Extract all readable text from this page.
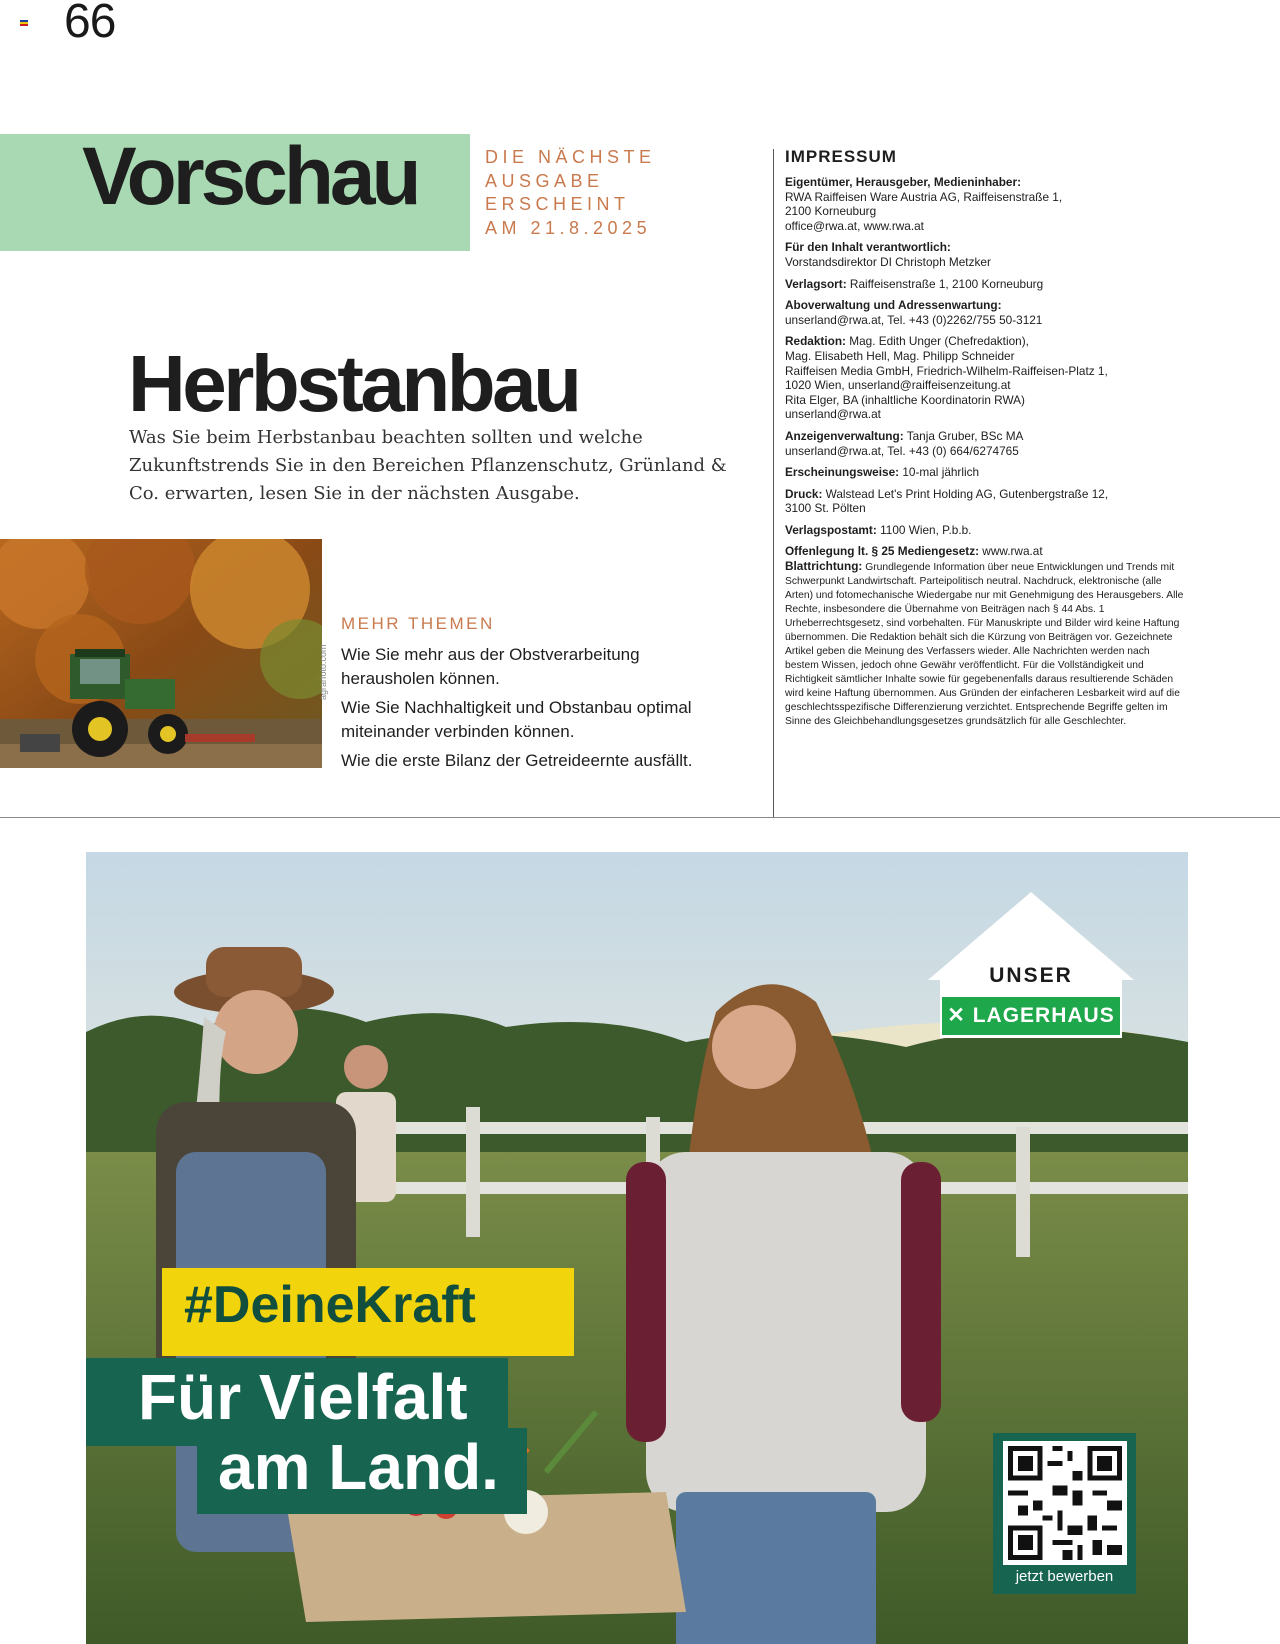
66
Vorschau	DIE NÄCHSTE
AUSGABE
ERSCHEINT
AM 21.8.2025
Herbstanbau
Was Sie beim Herbstanbau beachten sollten und welche Zukunftstrends Sie in den Bereichen Pflanzenschutz, Grünland & Co. erwarten, lesen Sie in der nächsten Ausgabe.
agrarfoto.com
MEHR THEMEN
Wie Sie mehr aus der Obstverarbeitung herausholen können.
Wie Sie Nachhaltigkeit und Obstanbau optimal miteinander verbinden können.
Wie die erste Bilanz der Getreideernte ausfällt.
IMPRESSUM
Eigentümer, Herausgeber, Medieninhaber:
RWA Raiffeisen Ware Austria AG, Raiffeisenstraße 1,
2100 Korneuburg
office@rwa.at, www.rwa.at
Für den Inhalt verantwortlich:
Vorstandsdirektor DI Christoph Metzker
Verlagsort: Raiffeisenstraße 1, 2100 Korneuburg
Aboverwaltung und Adressenwartung:
unserland@rwa.at, Tel. +43 (0)2262/755 50-3121
Redaktion: Mag. Edith Unger (Chefredaktion),
Mag. Elisabeth Hell, Mag. Philipp Schneider
Raiffeisen Media GmbH, Friedrich-Wilhelm-Raiffeisen-Platz 1,
1020 Wien, unserland@raiffeisenzeitung.at
Rita Elger, BA (inhaltliche Koordinatorin RWA)
unserland@rwa.at
Anzeigenverwaltung: Tanja Gruber, BSc MA
unserland@rwa.at, Tel. +43 (0) 664/6274765
Erscheinungsweise: 10-mal jährlich
Druck: Walstead Let's Print Holding AG, Gutenbergstraße 12,
3100 St. Pölten
Verlagspostamt: 1100 Wien, P.b.b.
Offenlegung lt. § 25 Mediengesetz: www.rwa.at
Blattrichtung: Grundlegende Information über neue Entwicklungen und Trends mit Schwerpunkt Landwirtschaft. Parteipolitisch neutral. Nachdruck, elektronische (alle Arten) und fotomechanische Wiedergabe nur mit Genehmigung des Herausgebers. Alle Rechte, insbesondere die Übernahme von Beiträgen nach § 44 Abs. 1 Urheberrechtsgesetz, sind vorbehalten. Für Manuskripte und Bilder wird keine Haftung übernommen. Die Redaktion behält sich die Kürzung von Beiträgen vor. Gezeichnete Artikel geben die Meinung des Verfassers wieder. Alle Nachrichten werden nach bestem Wissen, jedoch ohne Gewähr veröffentlicht. Für die Vollständigkeit und Richtigkeit sämtlicher Inhalte sowie für gegebenenfalls daraus resultierende Schäden wird keine Haftung übernommen. Aus Gründen der einfacheren Lesbarkeit wird auf die geschlechtsspezifische Differenzierung verzichtet. Entsprechende Begriffe gelten im Sinne des Gleichbehandlungsgesetzes grundsätzlich für alle Geschlechter.
UNSER
✕ LAGERHAUS
#DeineKraft
Für Vielfalt
am Land.
jetzt bewerben
